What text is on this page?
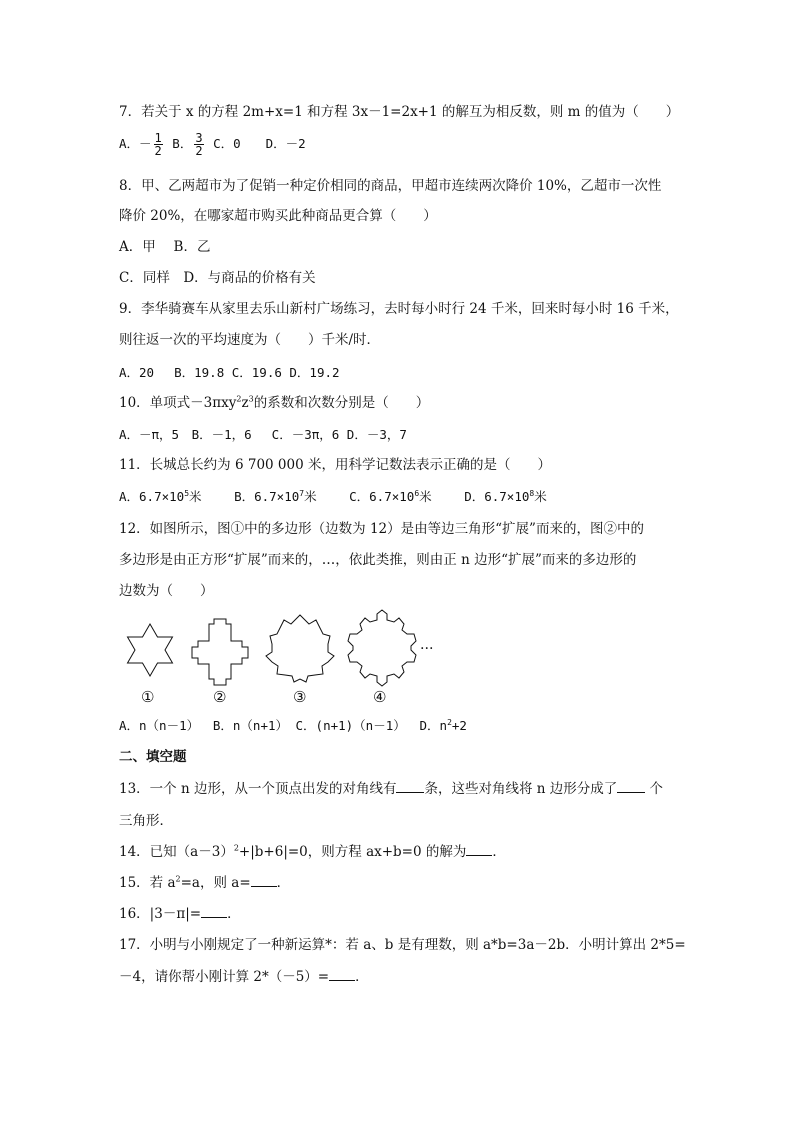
7．若关于 x 的方程 2m+x=1 和方程 3x－1=2x+1 的解互为相反数，则 m 的值为（　　）
A．－ $\frac{1}{2}$ B． $\frac{3}{2}$ C．0　　D．－2
8．甲、乙两超市为了促销一种定价相同的商品，甲超市连续两次降价 10%，乙超市一次性
降价 20%，在哪家超市购买此种商品更合算（　　）
A．甲　 B．乙
C．同样　D．与商品的价格有关
9．李华骑赛车从家里去乐山新村广场练习，去时每小时行 24 千米，回来时每小时 16 千米，
则往返一次的平均速度为（　　）千米/时．
A．20　 B．19.8 C．19.6 D．19.2
10．单项式$-3\pi xy^2z^3$的系数和次数分别是（　　）
A．－π，5　B．－1，6　 C．－3π，6 D．－3，7
11．长城总长约为 6 700 000 米，用科学记数法表示正确的是（　　）
A．$6.7\times 10^5$米　　	B．$6.7\times 10^7$米　　	C．$6.7\times 10^6$米　　	D．$6.7\times 10^8$米
12．如图所示，图①中的多边形（边数为 12）是由等边三角形“扩展”而来的，图②中的
多边形是由正方形“扩展”而来的，…，依此类推，则由正 n 边形“扩展”而来的多边形的
边数为（　　）
…
①	②	③	④
A．n（n－1）　 B．n（n+1） C．(n+1)（n－1）　 D．$n^2+2$
二、填空题
13．一个 n 边形，从一个顶点出发的对角线有 条，这些对角线将 n 边形分成了 个
三角形．
14．已知$(a-3)^2+|b+6|=0$，则方程 ax+b=0 的解为 ．
15．若 $a^2=a$，则 a= ．
16．|3－π|= ．
17．小明与小刚规定了一种新运算*：若 a、b 是有理数，则 a*b=3a－2b．小明计算出 2*5=
－4，请你帮小刚计算 2*（－5）= ．
